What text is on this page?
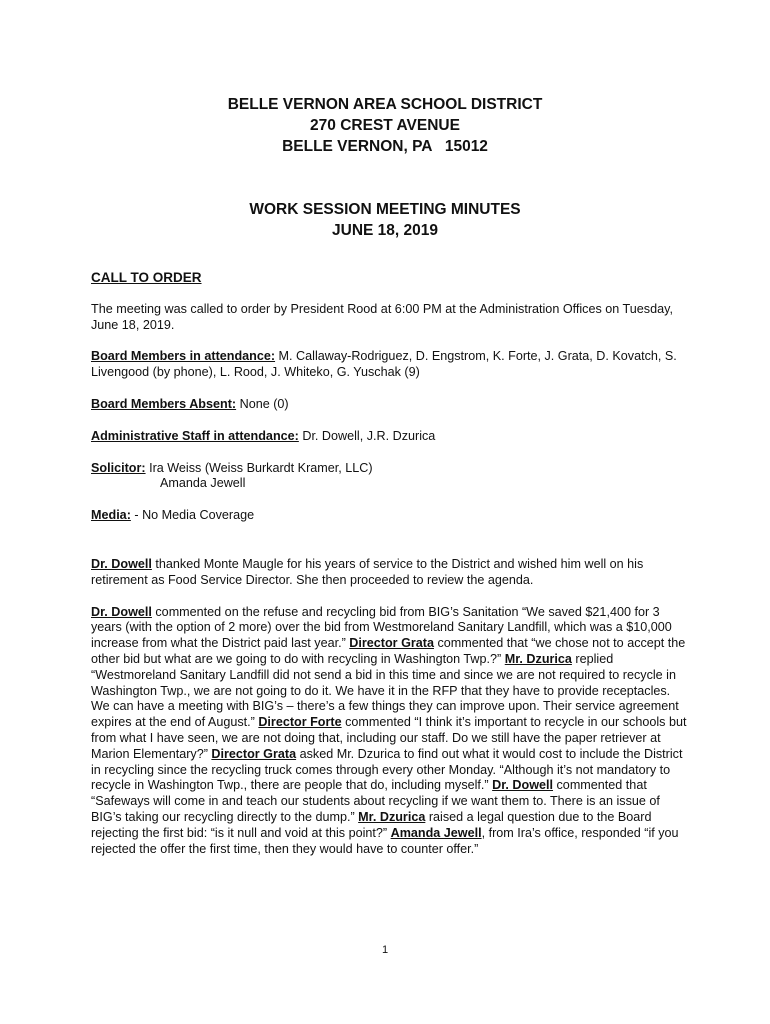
BELLE VERNON AREA SCHOOL DISTRICT
270 CREST AVENUE
BELLE VERNON, PA   15012
WORK SESSION MEETING MINUTES
JUNE 18, 2019

CALL TO ORDER

The meeting was called to order by President Rood at 6:00 PM at the Administration Offices on Tuesday, June 18, 2019.

Board Members in attendance: M. Callaway-Rodriguez, D. Engstrom, K. Forte, J. Grata, D. Kovatch, S. Livengood (by phone), L. Rood, J. Whiteko, G. Yuschak (9)

Board Members Absent: None (0)

Administrative Staff in attendance: Dr. Dowell, J.R. Dzurica

Solicitor: Ira Weiss (Weiss Burkardt Kramer, LLC)
Amanda Jewell

Media: - No Media Coverage

Dr. Dowell thanked Monte Maugle for his years of service to the District and wished him well on his retirement as Food Service Director. She then proceeded to review the agenda.

Dr. Dowell commented on the refuse and recycling bid from BIG’s Sanitation “We saved $21,400 for 3 years (with the option of 2 more) over the bid from Westmoreland Sanitary Landfill, which was a $10,000 increase from what the District paid last year.” Director Grata commented that “we chose not to accept the other bid but what are we going to do with recycling in Washington Twp.?” Mr. Dzurica replied “Westmoreland Sanitary Landfill did not send a bid in this time and since we are not required to recycle in Washington Twp., we are not going to do it. We have it in the RFP that they have to provide receptacles. We can have a meeting with BIG’s – there’s a few things they can improve upon. Their service agreement expires at the end of August.” Director Forte commented “I think it’s important to recycle in our schools but from what I have seen, we are not doing that, including our staff. Do we still have the paper retriever at Marion Elementary?” Director Grata asked Mr. Dzurica to find out what it would cost to include the District in recycling since the recycling truck comes through every other Monday. “Although it’s not mandatory to recycle in Washington Twp., there are people that do, including myself.” Dr. Dowell commented that “Safeways will come in and teach our students about recycling if we want them to. There is an issue of BIG’s taking our recycling directly to the dump.” Mr. Dzurica raised a legal question due to the Board rejecting the first bid: “is it null and void at this point?” Amanda Jewell, from Ira’s office, responded “if you rejected the offer the first time, then they would have to counter offer.”

1
